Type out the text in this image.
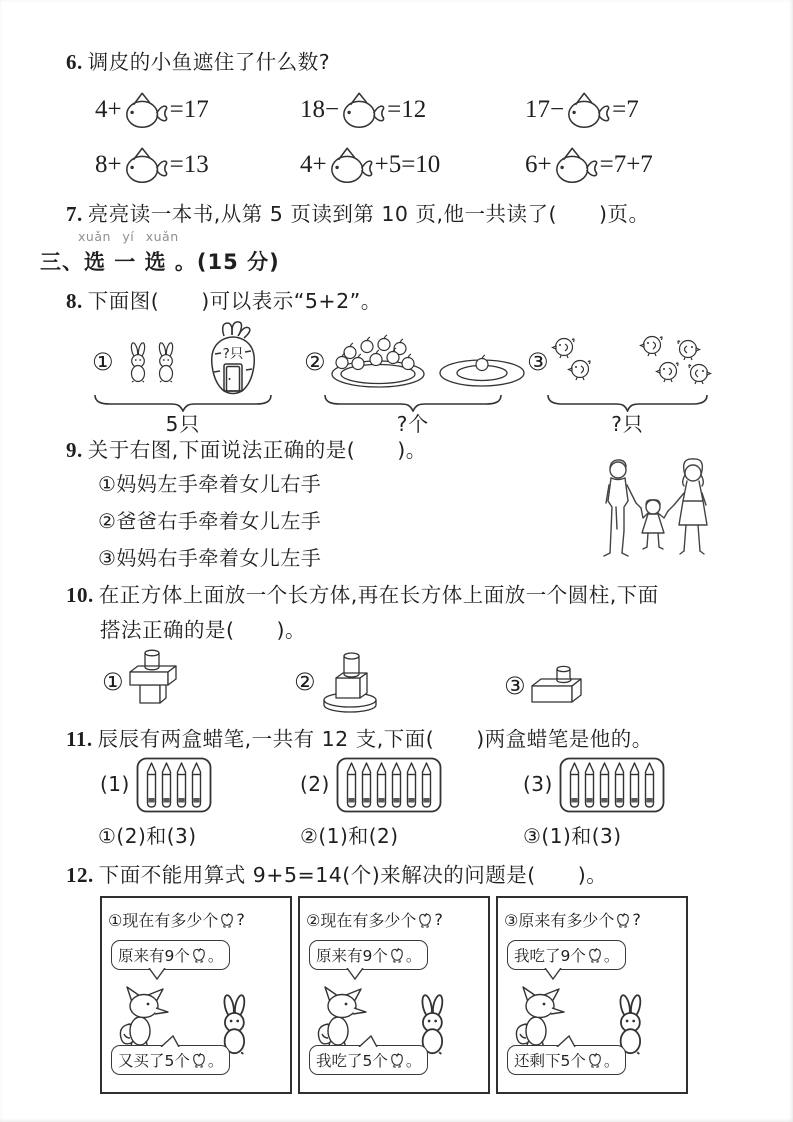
6. 调皮的小鱼遮住了什么数?
4+ =17	18− =12	17− =7
8+ =13	4+ +5=10	6+ =7+7
7. 亮亮读一本书,从第 5 页读到第 10 页,他一共读了(　　)页。
xuǎn yí xuǎn
三、选 一 选 。(15 分)
8. 下面图(　　)可以表示“5+2”。
①	?只
5只
②
?个
③
?只
9. 关于右图,下面说法正确的是(　　)。
①妈妈左手牵着女儿右手
②爸爸右手牵着女儿左手
③妈妈右手牵着女儿左手
10. 在正方体上面放一个长方体,再在长方体上面放一个圆柱,下面
搭法正确的是(　　)。
①	②	③
11. 辰辰有两盒蜡笔,一共有 12 支,下面(　　)两盒蜡笔是他的。
(1)	(2)	(3)
①(2)和(3)	②(1)和(2)	③(1)和(3)
12. 下面不能用算式 9+5=14(个)来解决的问题是(　　)。
①现在有多少个 ?
原来有9个 。
又买了5个 。
②现在有多少个 ?
原来有9个 。
我吃了5个 。
③原来有多少个 ?
我吃了9个 。
还剩下5个 。
